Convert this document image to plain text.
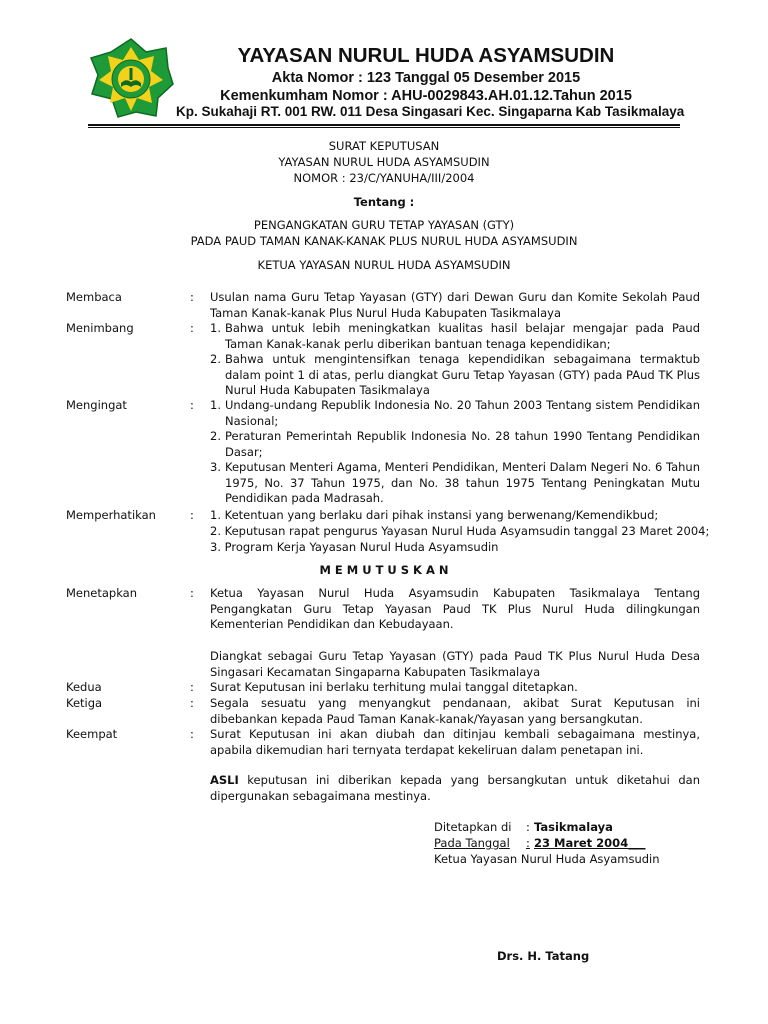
YAYASAN NURUL HUDA ASYAMSUDIN
Akta Nomor : 123 Tanggal 05 Desember 2015
Kemenkumham Nomor : AHU-0029843.AH.01.12.Tahun 2015
Kp. Sukahaji RT. 001 RW. 011 Desa Singasari Kec. Singaparna Kab Tasikmalaya
SURAT KEPUTUSAN
YAYASAN NURUL HUDA ASYAMSUDIN
NOMOR : 23/C/YANUHA/III/2004
Tentang :
PENGANGKATAN GURU TETAP YAYASAN (GTY)
PADA PAUD TAMAN KANAK-KANAK PLUS NURUL HUDA ASYAMSUDIN
KETUA YAYASAN NURUL HUDA ASYAMSUDIN
Membaca	: Usulan nama Guru Tetap Yayasan (GTY) dari Dewan Guru dan Komite Sekolah Paud Taman Kanak-kanak Plus Nurul Huda Kabupaten Tasikmalaya
Menimbang	: 1. Bahwa untuk lebih meningkatkan kualitas hasil belajar mengajar pada Paud Taman Kanak-kanak perlu diberikan bantuan tenaga kependidikan;
2. Bahwa untuk mengintensifkan tenaga kependidikan sebagaimana termaktub dalam point 1 di atas, perlu diangkat Guru Tetap Yayasan (GTY) pada PAud TK Plus Nurul Huda Kabupaten Tasikmalaya
Mengingat	: 1. Undang-undang Republik Indonesia No. 20 Tahun 2003 Tentang sistem Pendidikan Nasional;
2. Peraturan Pemerintah Republik Indonesia No. 28 tahun 1990 Tentang Pendidikan Dasar;
3. Keputusan Menteri Agama, Menteri Pendidikan, Menteri Dalam Negeri No. 6 Tahun 1975, No. 37 Tahun 1975, dan No. 38 tahun 1975 Tentang Peningkatan Mutu Pendidikan pada Madrasah.
Memperhatikan	: 1. Ketentuan yang berlaku dari pihak instansi yang berwenang/Kemendikbud;
2. Keputusan rapat pengurus Yayasan Nurul Huda Asyamsudin tanggal 23 Maret 2004;
3. Program Kerja Yayasan Nurul Huda Asyamsudin
M E M U T U S K A N
Menetapkan	: Ketua Yayasan Nurul Huda Asyamsudin Kabupaten Tasikmalaya Tentang Pengangkatan Guru Tetap Yayasan Paud TK Plus Nurul Huda dilingkungan Kementerian Pendidikan dan Kebudayaan.
Diangkat sebagai Guru Tetap Yayasan (GTY) pada Paud TK Plus Nurul Huda Desa Singasari Kecamatan Singaparna Kabupaten Tasikmalaya
Kedua	: Surat Keputusan ini berlaku terhitung mulai tanggal ditetapkan.
Ketiga	: Segala sesuatu yang menyangkut pendanaan, akibat Surat Keputusan ini dibebankan kepada Paud Taman Kanak-kanak/Yayasan yang bersangkutan.
Keempat	: Surat Keputusan ini akan diubah dan ditinjau kembali sebagaimana mestinya, apabila dikemudian hari ternyata terdapat kekeliruan dalam penetapan ini.
ASLI keputusan ini diberikan kepada yang bersangkutan untuk diketahui dan dipergunakan sebagaimana mestinya.
Ditetapkan di : Tasikmalaya
Pada Tanggal : 23 Maret 2004___
Ketua Yayasan Nurul Huda Asyamsudin
Drs. H. Tatang
